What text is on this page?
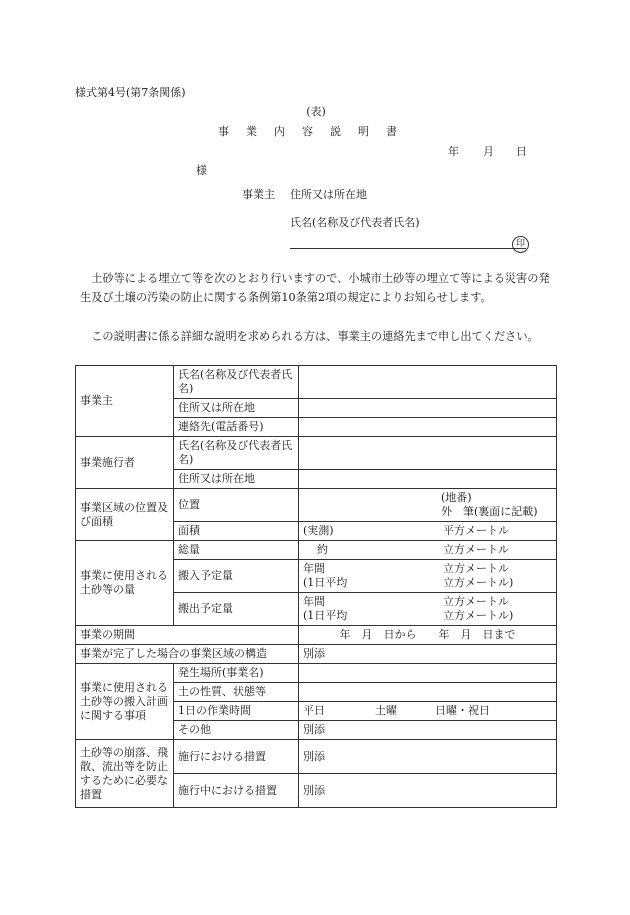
様式第4号(第7条関係)
(表)
事業内容説明書
年 月 日
様
事業主 住所又は所在地
氏名(名称及び代表者氏名)
印
土砂等による埋立て等を次のとおり行いますので、小城市土砂等の埋立て等による災害の発生及び土壌の汚染の防止に関する条例第10条第2項の規定によりお知らせします。
この説明書に係る詳細な説明を求められる方は、事業主の連絡先まで申し出てください。
事業主	氏名(名称及び代表者氏名)	
	住所又は所在地	
	連絡先(電話番号)	
事業施行者	氏名(名称及び代表者氏名)	
	住所又は所在地	
事業区域の位置及び面積	位置	(地番)
外　筆(裏面に記載)

	面積	(実測) 平方メートル
事業に使用される土砂等の量	総量	約 立方メートル
	搬入予定量	年間 立方メートル
(1日平均 立方メートル)

	搬出予定量	年間 立方メートル
(1日平均 立方メートル)

事業の期間		年　月　日から　　年　月　日まで
事業が完了した場合の事業区域の構造		別添
事業に使用される土砂等の搬入計画に関する事項	発生場所(事業名)	
	土の性質、状態等	
	1日の作業時間	平日 土曜 日曜・祝日
	その他	別添
土砂等の崩落、飛散、流出等を防止するために必要な措置	施行における措置	別添
	施行中における措置	別添
